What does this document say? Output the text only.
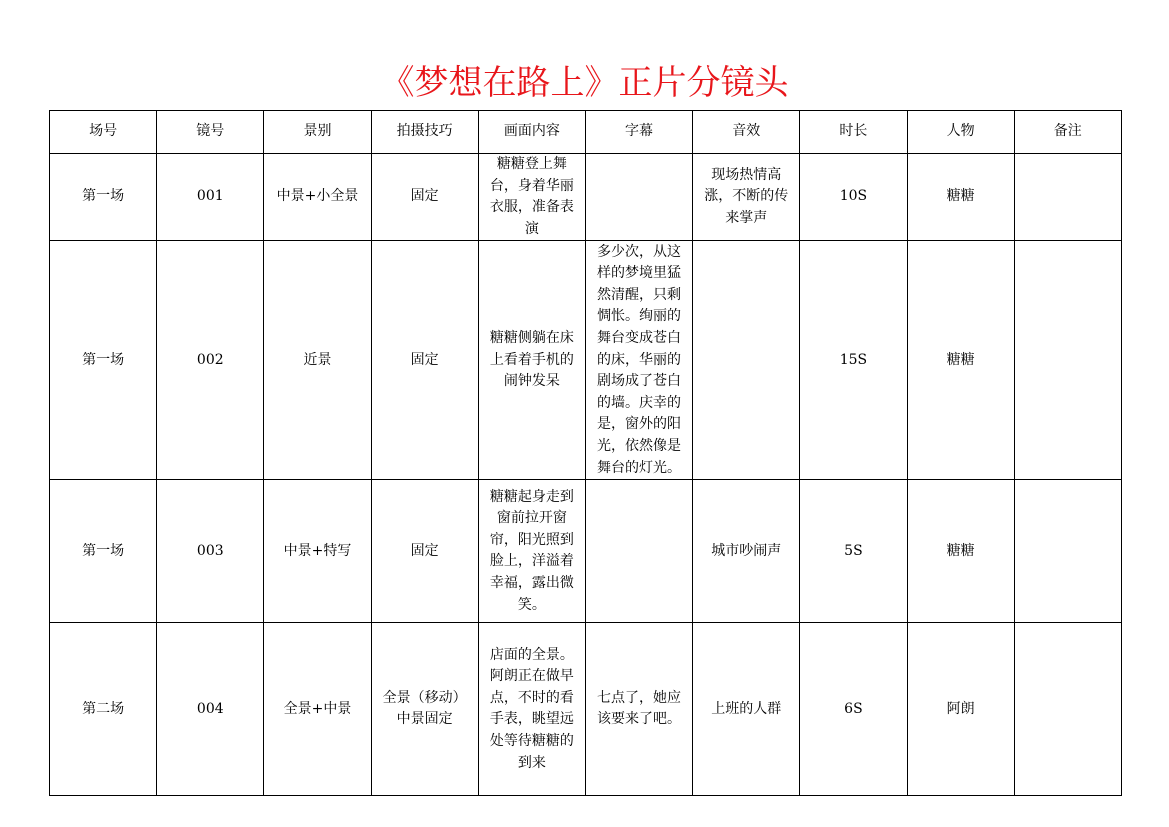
《梦想在路上》正片分镜头
场号	镜号	景别	拍摄技巧	画面内容	字幕	音效	时长	人物	备注
第一场	001	中景+小全景	固定	糖糖登上舞台，身着华丽衣服，准备表演		现场热情高涨，不断的传来掌声	10S	糖糖	
第一场	002	近景	固定	糖糖侧躺在床上看着手机的闹钟发呆	多少次，从这样的梦境里猛然清醒，只剩惆怅。绚丽的舞台变成苍白的床，华丽的剧场成了苍白的墙。庆幸的是，窗外的阳光，依然像是舞台的灯光。		15S	糖糖	
第一场	003	中景+特写	固定	糖糖起身走到窗前拉开窗帘，阳光照到脸上，洋溢着幸福，露出微笑。		城市吵闹声	5S	糖糖	
第二场	004	全景+中景	全景（移动）中景固定	店面的全景。阿朗正在做早点，不时的看手表，眺望远处等待糖糖的到来	七点了，她应该要来了吧。	上班的人群	6S	阿朗	
